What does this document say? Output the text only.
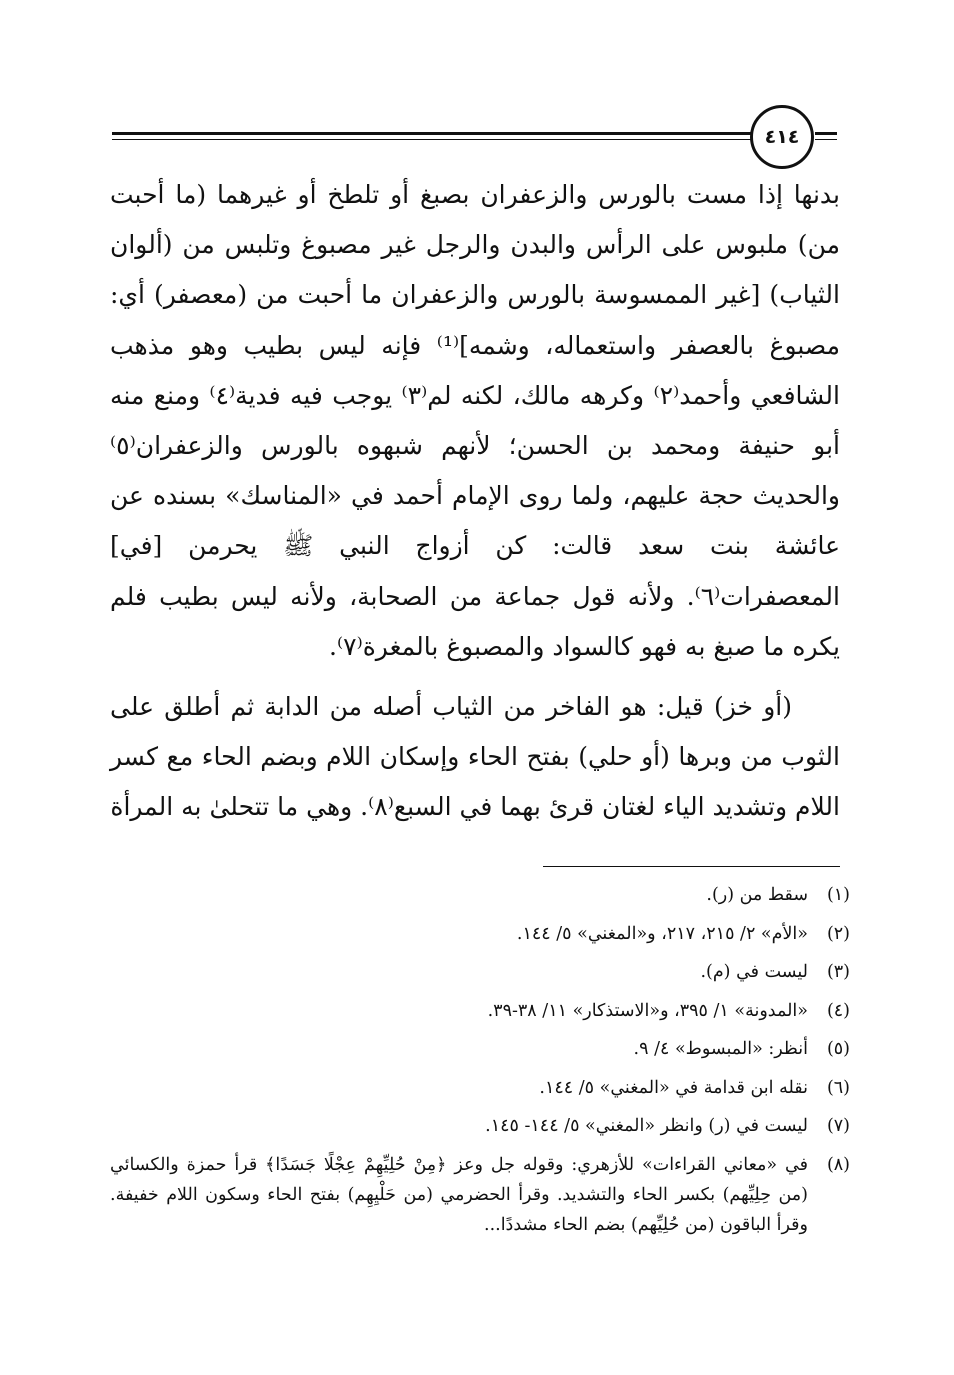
٤١٤

بدنها إذا مست بالورس والزعفران بصبغ أو تلطخ أو غيرهما (ما أحبت من) ملبوس على الرأس والبدن والرجل غير مصبوغ وتلبس من (ألوان الثياب) [غير الممسوسة بالورس والزعفران ما أحبت من (معصفر) أي: مصبوغ بالعصفر واستعماله، وشمه]⁽¹⁾ فإنه ليس بطيب وهو مذهب الشافعي وأحمد⁽٢⁾ وكرهه مالك، لكنه لم⁽٣⁾ يوجب فيه فدية⁽٤⁾ ومنع منه أبو حنيفة ومحمد بن الحسن؛ لأنهم شبهوه بالورس والزعفران⁽٥⁾ والحديث حجة عليهم، ولما روى الإمام أحمد في «المناسك» بسنده عن عائشة بنت سعد قالت: كن أزواج النبي ﷺ يحرمن [في] المعصفرات⁽٦⁾. ولأنه قول جماعة من الصحابة، ولأنه ليس بطيب فلم يكره ما صبغ به فهو كالسواد والمصبوغ بالمغرة⁽٧⁾.

(أو خز) قيل: هو الفاخر من الثياب أصله من الدابة ثم أطلق على الثوب من وبرها (أو حلي) بفتح الحاء وإسكان اللام وبضم الحاء مع كسر اللام وتشديد الياء لغتان قرئ بهما في السبع⁽٨⁾. وهي ما تتحلىٰ به المرأة

(١)
سقط من (ر).
(٢)
«الأم» ٢/ ٢١٥، ٢١٧، و«المغني» ٥/ ١٤٤.
(٣)
ليست في (م).
(٤)
«المدونة» ١/ ٣٩٥، و«الاستذكار» ١١/ ٣٨-٣٩.
(٥)
أنظر: «المبسوط» ٤/ ٩.
(٦)
نقله ابن قدامة في «المغني» ٥/ ١٤٤.
(٧)
ليست في (ر) وانظر «المغني» ٥/ ١٤٤- ١٤٥.
(٨)
في «معاني القراءات» للأزهري: وقوله جل وعز ﴿مِنْ حُلِيِّهِمْ عِجْلًا جَسَدًا﴾ قرأ حمزة والكسائي (من حِلِيِّهم) بكسر الحاء والتشديد. وقرأ الحضرمي (من حَلْيِهِم) بفتح الحاء وسكون اللام خفيفة. وقرأ الباقون (من حُلِيِّهم) بضم الحاء مشددًا...
